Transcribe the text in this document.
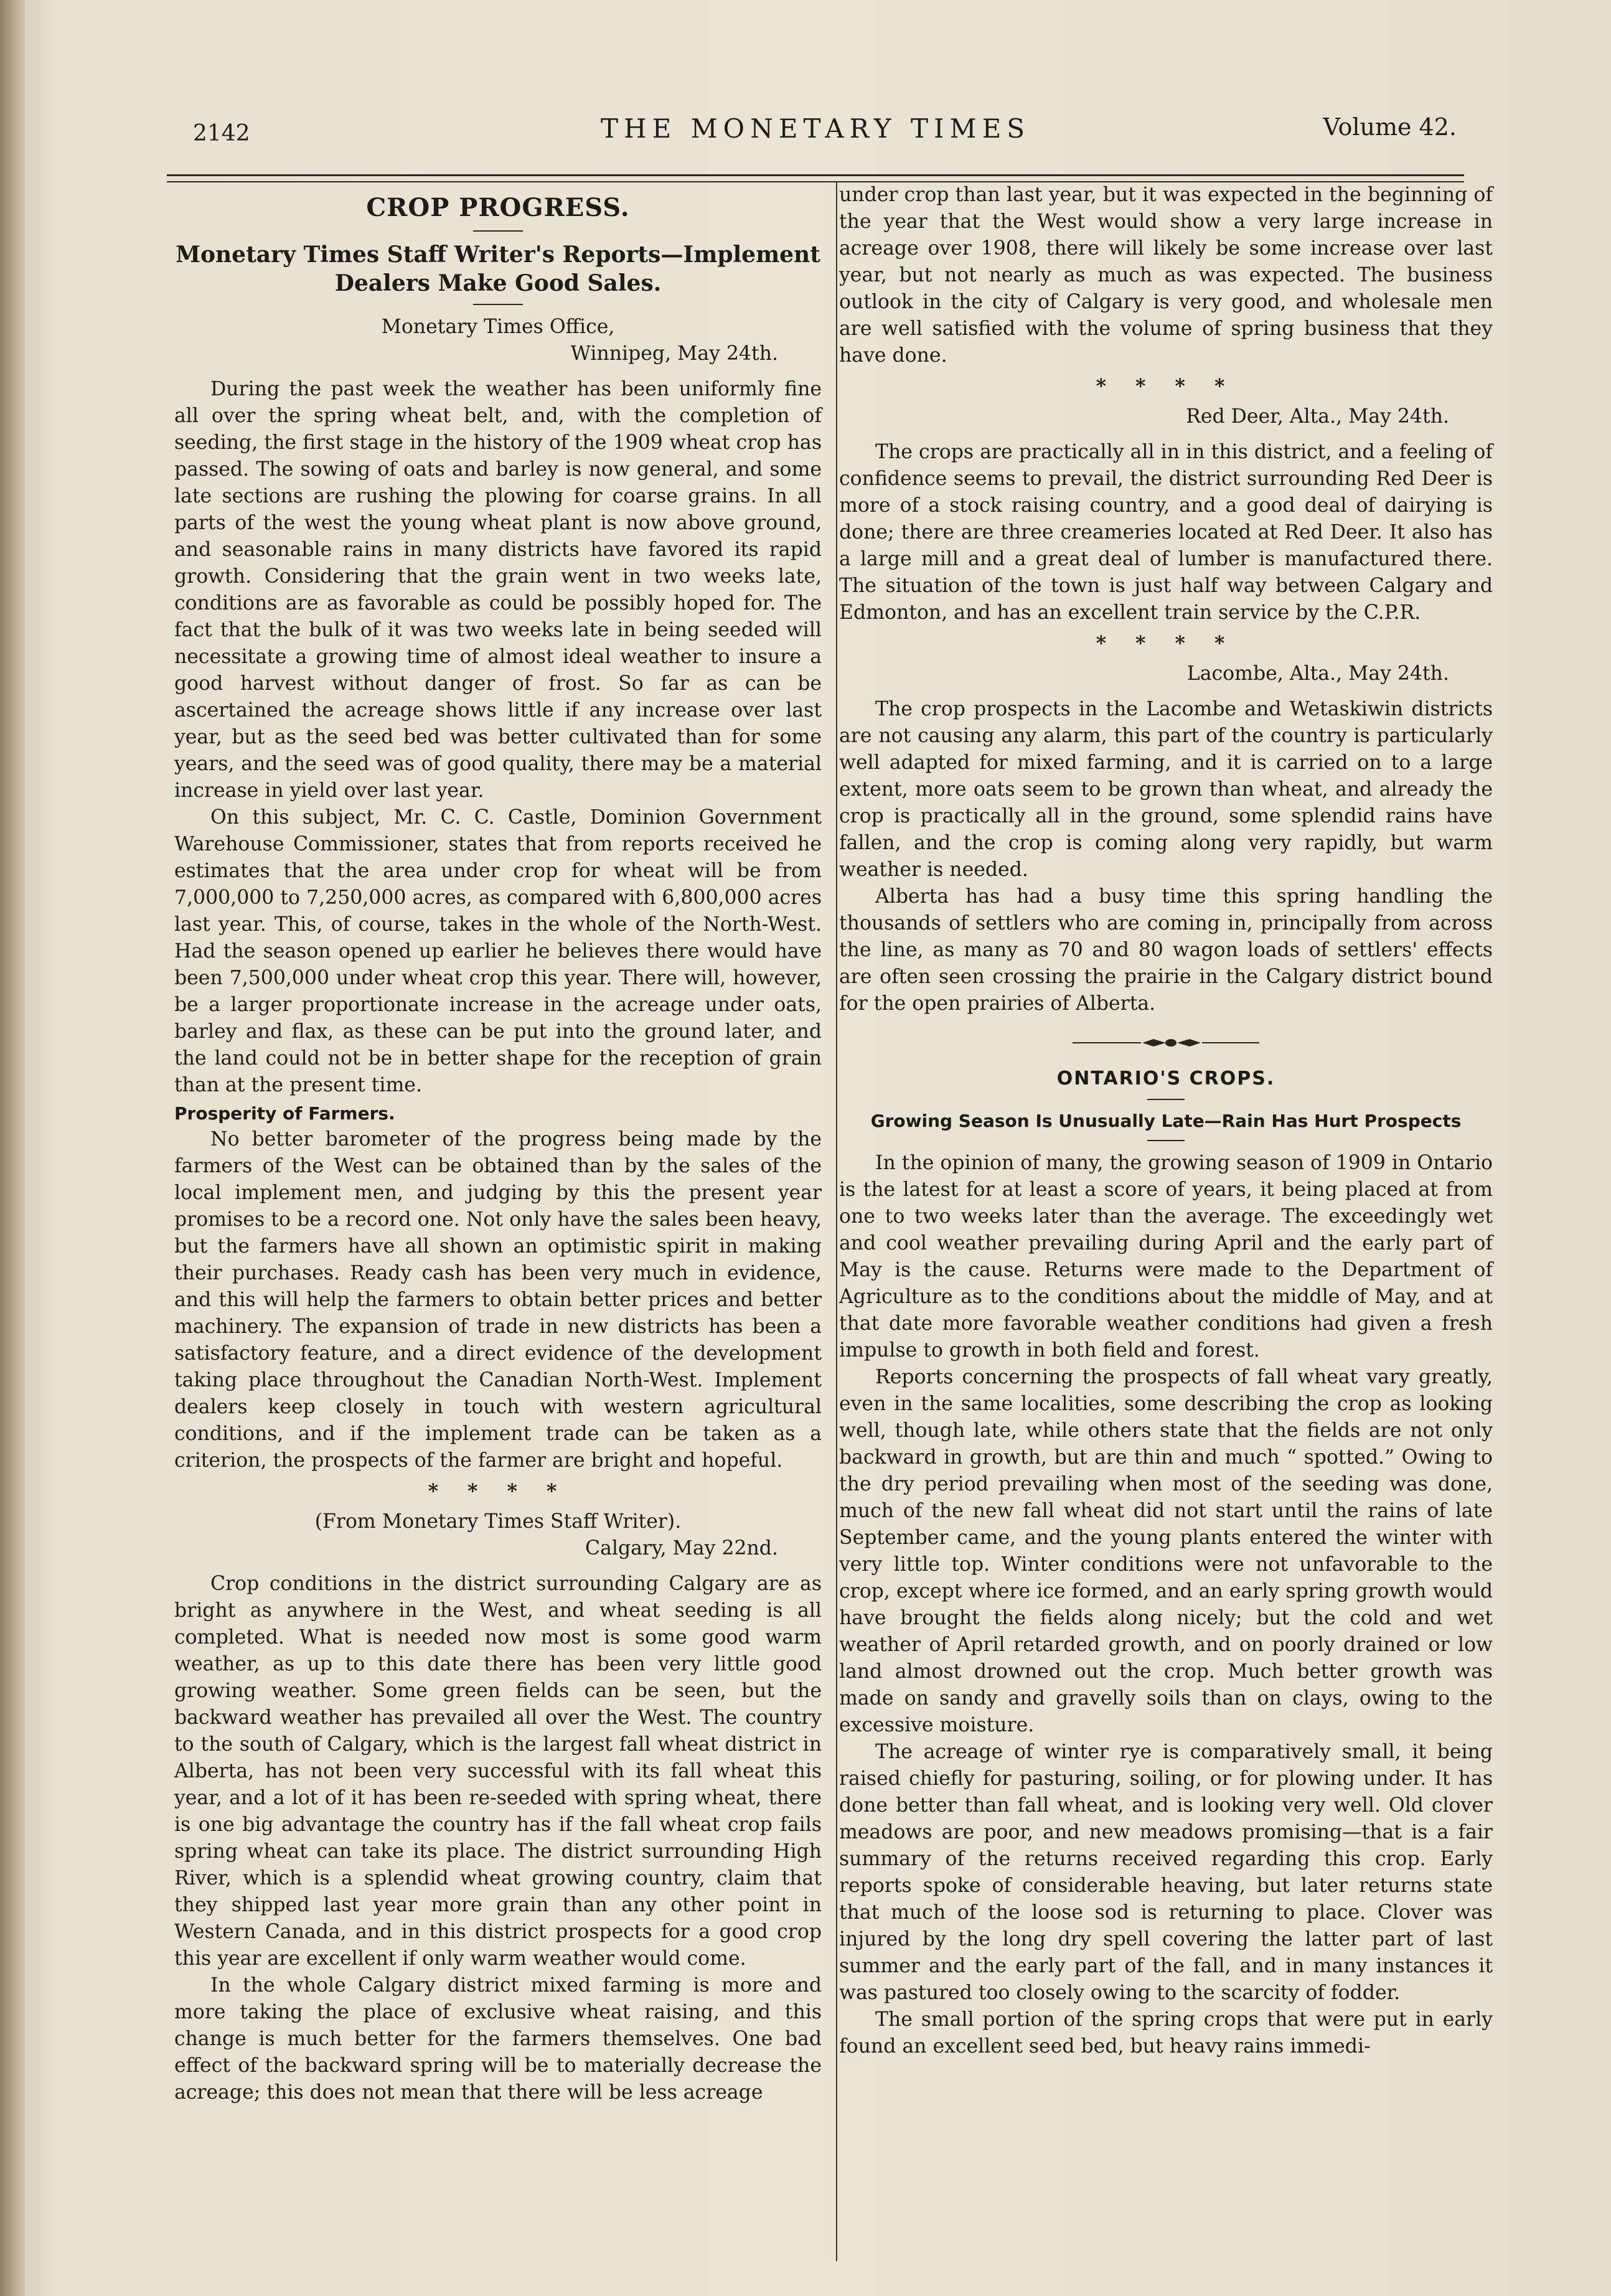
2142	THE MONETARY TIMES	Volume 42.
CROP PROGRESS.
Monetary Times Staff Writer's Reports—Implement Dealers Make Good Sales.
Monetary Times Office,
Winnipeg, May 24th.

During the past week the weather has been uniformly fine all over the spring wheat belt, and, with the completion of seeding, the first stage in the history of the 1909 wheat crop has passed. The sowing of oats and barley is now general, and some late sections are rushing the plowing for coarse grains. In all parts of the west the young wheat plant is now above ground, and seasonable rains in many districts have favored its rapid growth. Considering that the grain went in two weeks late, conditions are as favorable as could be possibly hoped for. The fact that the bulk of it was two weeks late in being seeded will necessitate a growing time of almost ideal weather to insure a good harvest without danger of frost. So far as can be ascertained the acreage shows little if any increase over last year, but as the seed bed was better cultivated than for some years, and the seed was of good quality, there may be a material increase in yield over last year.

On this subject, Mr. C. C. Castle, Dominion Government Warehouse Commissioner, states that from reports received he estimates that the area under crop for wheat will be from 7,000,000 to 7,250,000 acres, as compared with 6,800,000 acres last year. This, of course, takes in the whole of the North-West. Had the season opened up earlier he believes there would have been 7,500,000 under wheat crop this year. There will, however, be a larger proportionate increase in the acreage under oats, barley and flax, as these can be put into the ground later, and the land could not be in better shape for the reception of grain than at the present time.

Prosperity of Farmers.

No better barometer of the progress being made by the farmers of the West can be obtained than by the sales of the local implement men, and judging by this the present year promises to be a record one. Not only have the sales been heavy, but the farmers have all shown an optimistic spirit in making their purchases. Ready cash has been very much in evidence, and this will help the farmers to obtain better prices and better machinery. The expansion of trade in new districts has been a satisfactory feature, and a direct evidence of the development taking place throughout the Canadian North-West. Implement dealers keep closely in touch with western agricultural conditions, and if the implement trade can be taken as a criterion, the prospects of the farmer are bright and hopeful.

* * * *
(From Monetary Times Staff Writer).
Calgary, May 22nd.

Crop conditions in the district surrounding Calgary are as bright as anywhere in the West, and wheat seeding is all completed. What is needed now most is some good warm weather, as up to this date there has been very little good growing weather. Some green fields can be seen, but the backward weather has prevailed all over the West. The country to the south of Calgary, which is the largest fall wheat district in Alberta, has not been very successful with its fall wheat this year, and a lot of it has been re-seeded with spring wheat, there is one big advantage the country has if the fall wheat crop fails spring wheat can take its place. The district surrounding High River, which is a splendid wheat growing country, claim that they shipped last year more grain than any other point in Western Canada, and in this district prospects for a good crop this year are excellent if only warm weather would come.

In the whole Calgary district mixed farming is more and more taking the place of exclusive wheat raising, and this change is much better for the farmers themselves. One bad effect of the backward spring will be to materially decrease the acreage; this does not mean that there will be less acreage

under crop than last year, but it was expected in the beginning of the year that the West would show a very large increase in acreage over 1908, there will likely be some increase over last year, but not nearly as much as was expected. The business outlook in the city of Calgary is very good, and wholesale men are well satisfied with the volume of spring business that they have done.

* * * *
Red Deer, Alta., May 24th.

The crops are practically all in in this district, and a feeling of confidence seems to prevail, the district surrounding Red Deer is more of a stock raising country, and a good deal of dairying is done; there are three creameries located at Red Deer. It also has a large mill and a great deal of lumber is manufactured there. The situation of the town is just half way between Calgary and Edmonton, and has an excellent train service by the C.P.R.

* * * *
Lacombe, Alta., May 24th.

The crop prospects in the Lacombe and Wetaskiwin districts are not causing any alarm, this part of the country is particularly well adapted for mixed farming, and it is carried on to a large extent, more oats seem to be grown than wheat, and already the crop is practically all in the ground, some splendid rains have fallen, and the crop is coming along very rapidly, but warm weather is needed.

Alberta has had a busy time this spring handling the thousands of settlers who are coming in, principally from across the line, as many as 70 and 80 wagon loads of settlers' effects are often seen crossing the prairie in the Calgary district bound for the open prairies of Alberta.

ONTARIO'S CROPS.
Growing Season Is Unusually Late—Rain Has Hurt Prospects

In the opinion of many, the growing season of 1909 in Ontario is the latest for at least a score of years, it being placed at from one to two weeks later than the average. The exceedingly wet and cool weather prevailing during April and the early part of May is the cause. Returns were made to the Department of Agriculture as to the conditions about the middle of May, and at that date more favorable weather conditions had given a fresh impulse to growth in both field and forest.

Reports concerning the prospects of fall wheat vary greatly, even in the same localities, some describing the crop as looking well, though late, while others state that the fields are not only backward in growth, but are thin and much “ spotted.” Owing to the dry period prevailing when most of the seeding was done, much of the new fall wheat did not start until the rains of late September came, and the young plants entered the winter with very little top. Winter conditions were not unfavorable to the crop, except where ice formed, and an early spring growth would have brought the fields along nicely; but the cold and wet weather of April retarded growth, and on poorly drained or low land almost drowned out the crop. Much better growth was made on sandy and gravelly soils than on clays, owing to the excessive moisture.

The acreage of winter rye is comparatively small, it being raised chiefly for pasturing, soiling, or for plowing under. It has done better than fall wheat, and is looking very well. Old clover meadows are poor, and new meadows promising—that is a fair summary of the returns received regarding this crop. Early reports spoke of considerable heaving, but later returns state that much of the loose sod is returning to place. Clover was injured by the long dry spell covering the latter part of last summer and the early part of the fall, and in many instances it was pastured too closely owing to the scarcity of fodder.

The small portion of the spring crops that were put in early found an excellent seed bed, but heavy rains immedi-
